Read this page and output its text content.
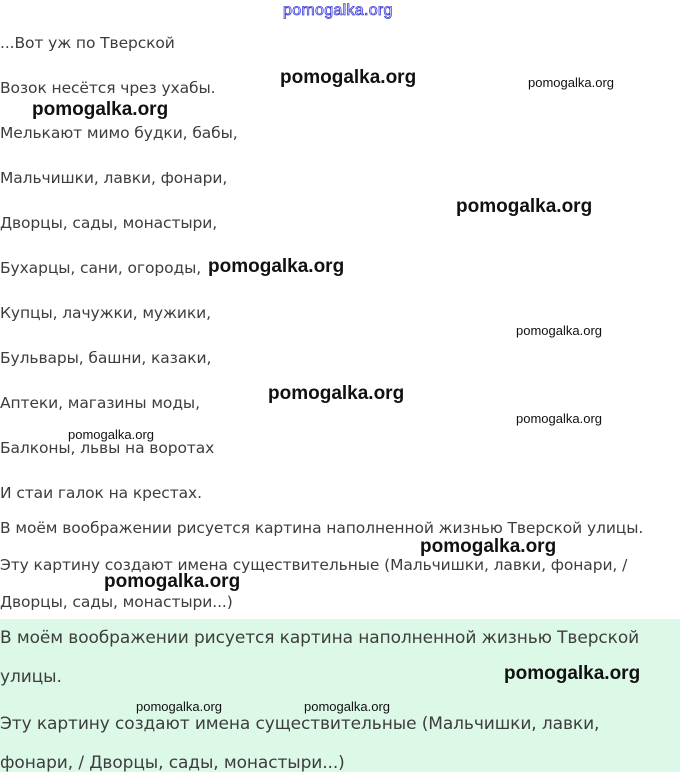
...Вот уж по Тверской
Возок несётся чрез ухабы.
Мелькают мимо будки, бабы,
Мальчишки, лавки, фонари,
Дворцы, сады, монастыри,
Бухарцы, сани, огороды,
Купцы, лачужки, мужики,
Бульвары, башни, казаки,
Аптеки, магазины моды,
Балконы, львы на воротах
И стаи галок на крестах.
В моём воображении рисуется картина наполненной жизнью Тверской улицы.
Эту картину создают имена существительные (Мальчишки, лавки, фонари, /
Дворцы, сады, монастыри...)
В моём воображении рисуется картина наполненной жизнью Тверской
улицы.
Эту картину создают имена существительные (Мальчишки, лавки,
фонари, / Дворцы, сады, монастыри...)
pomogalka.org
pomogalka.org	pomogalka.org
pomogalka.org
pomogalka.org
pomogalka.org
pomogalka.org
pomogalka.org
pomogalka.org
pomogalka.org
pomogalka.org
pomogalka.org
pomogalka.org
pomogalka.org	pomogalka.org
